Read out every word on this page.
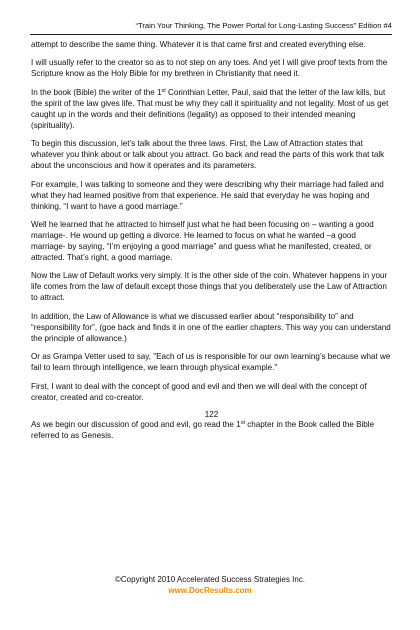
“Train Your Thinking, The Power Portal for Long-Lasting Success” Edition #4

attempt to describe the same thing. Whatever it is that came first and created everything else.

I will usually refer to the creator so as to not step on any toes. And yet I will give proof texts from the Scripture know as the Holy Bible for my brethren in Christianity that need it.

In the book (Bible) the writer of the 1st Corinthian Letter, Paul, said that the letter of the law kills, but the spirit of the law gives life. That must be why they call it spirituality and not legality. Most of us get caught up in the words and their definitions (legality) as opposed to their intended meaning (spirituality).

To begin this discussion, let’s talk about the three laws. First, the Law of Attraction states that whatever you think about or talk about you attract. Go back and read the parts of this work that talk about the unconscious and how it operates and its parameters.

For example, I was talking to someone and they were describing why their marriage had failed and what they had learned positive from that experience. He said that everyday he was hoping and thinking, “I want to have a good marriage.”

Well he learned that he attracted to himself just what he had been focusing on – wanting a good marriage-. He wound up getting a divorce. He learned to focus on what he wanted –a good marriage- by saying, “I’m enjoying a good marriage” and guess what he manifested, created, or attracted. That’s right, a good marriage.

Now the Law of Default works very simply. It is the other side of the coin. Whatever happens in your life comes from the law of default except those things that you deliberately use the Law of Attraction to attract.

In addition, the Law of Allowance is what we discussed earlier about “responsibility to” and “responsibility for”, (goe back and finds it in one of the earlier chapters. This way you can understand the principle of allowance.)

Or as Grampa Vetter used to say, "Each of us is responsible for our own learning’s because what we fail to learn through intelligence, we learn through physical example."

First, I want to deal with the concept of good and evil and then we will deal with the concept of creator, created and co-creator.

122

As we begin our discussion of good and evil, go read the 1st chapter in the Book called the Bible referred to as Genesis.

©Copyright 2010 Accelerated Success Strategies Inc.
www.DocResults.com
